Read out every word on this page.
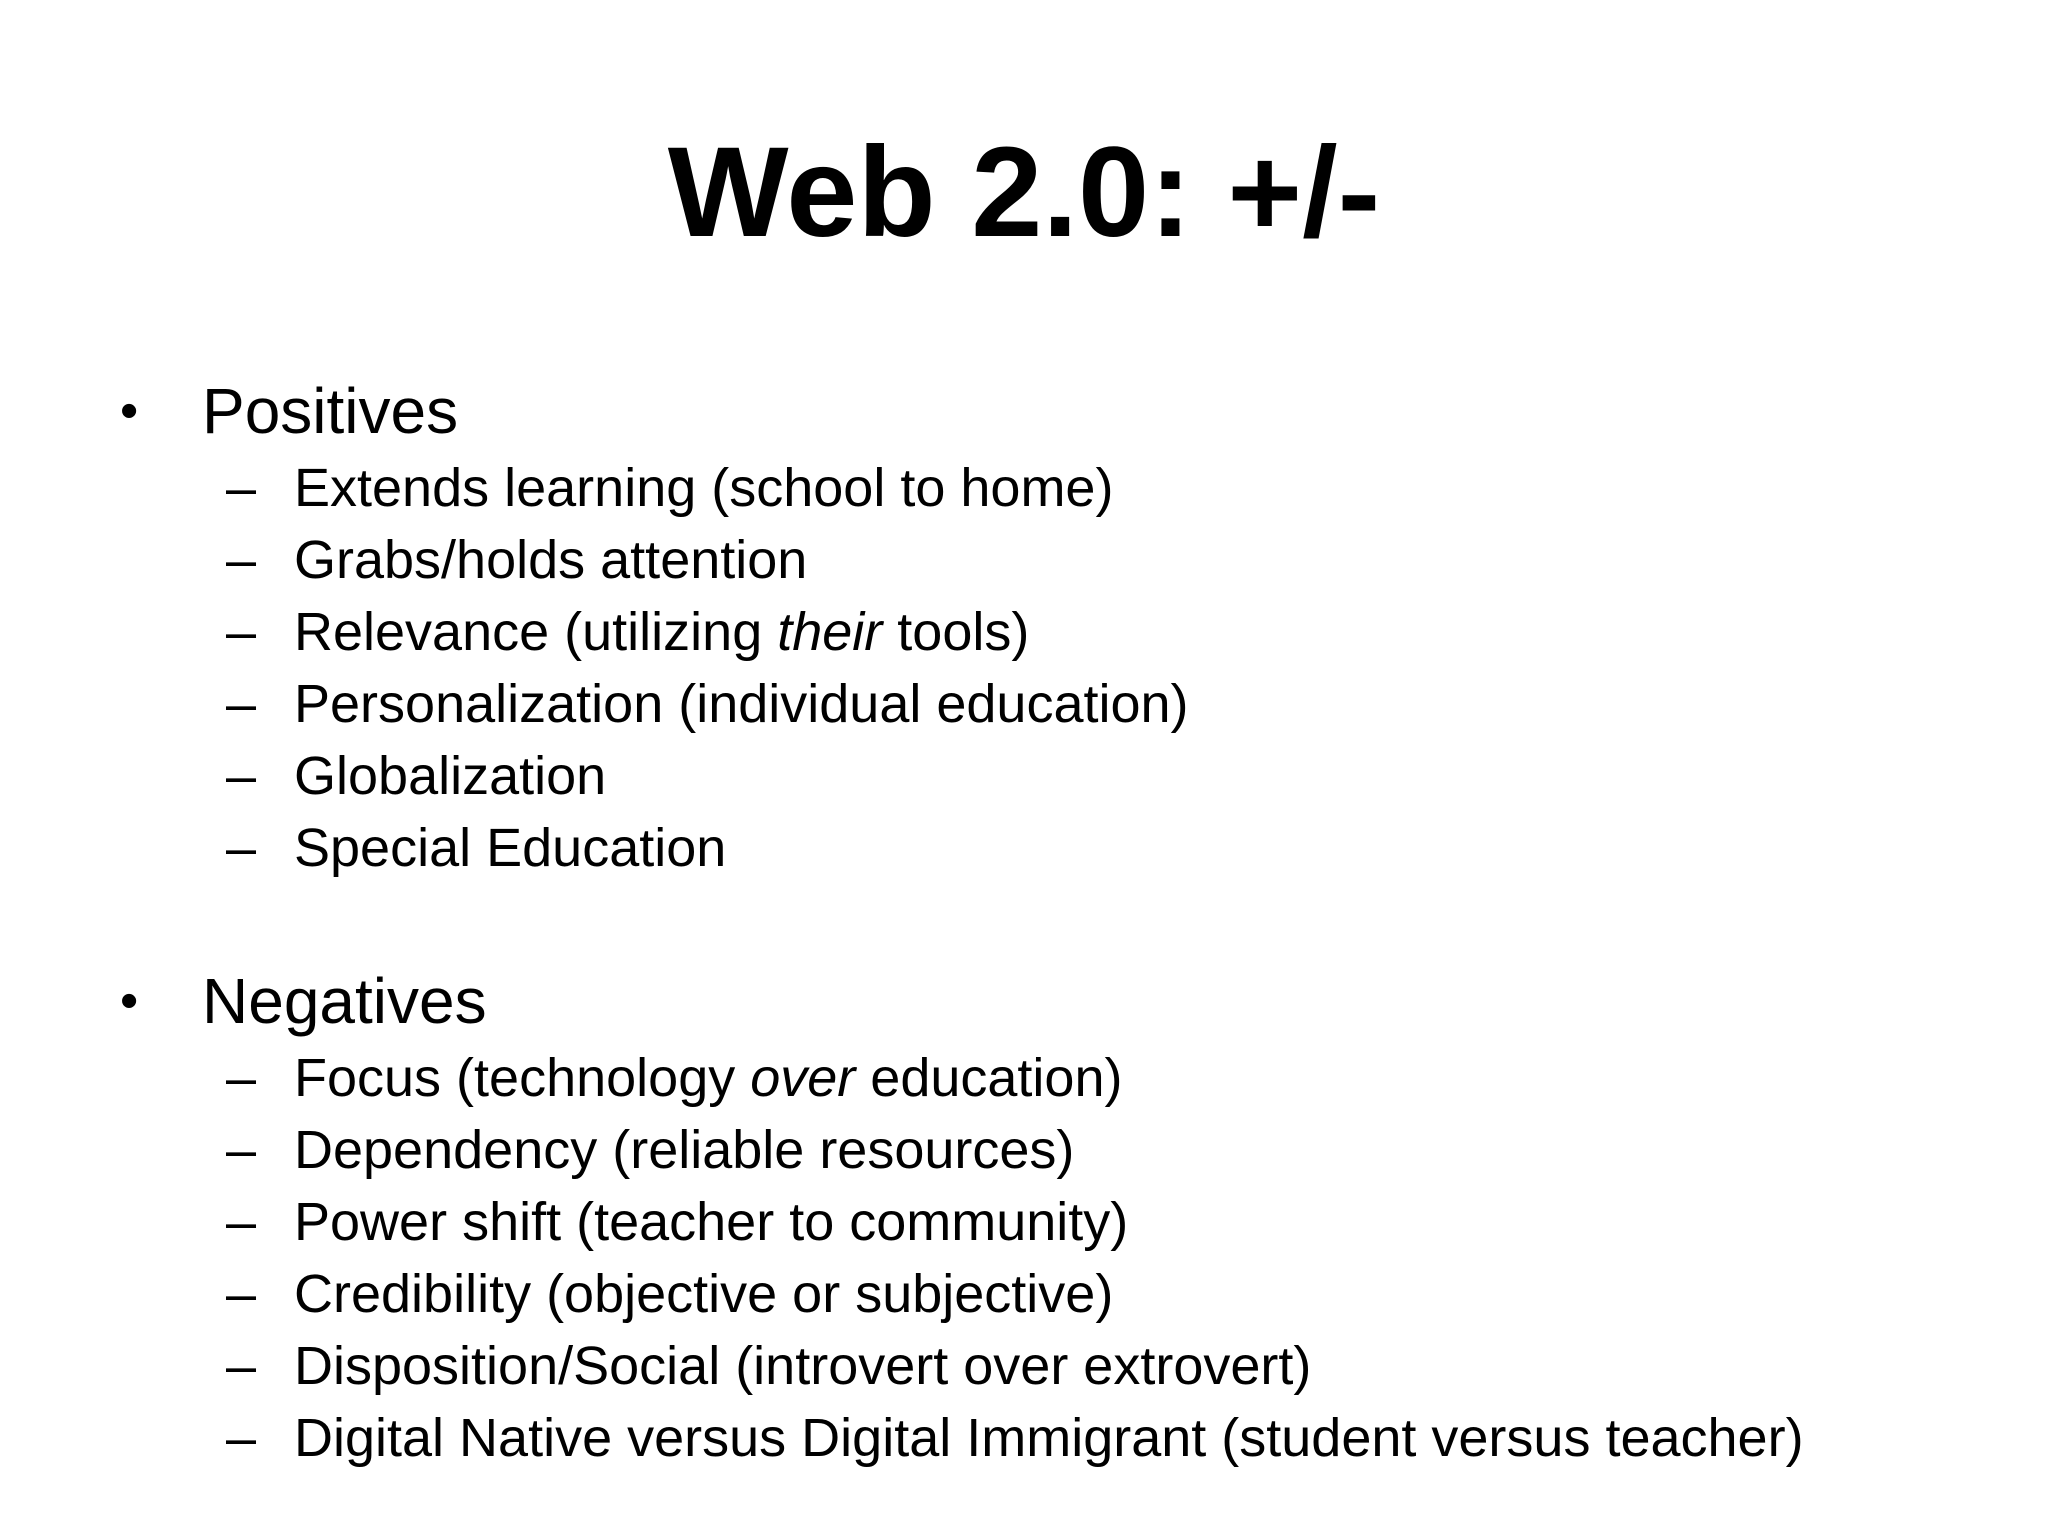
Web 2.0: +/-
• Positives
– Extends learning (school to home)
– Grabs/holds attention
– Relevance (utilizing their tools)
– Personalization (individual education)
– Globalization
– Special Education
• Negatives
– Focus (technology over education)
– Dependency (reliable resources)
– Power shift (teacher to community)
– Credibility (objective or subjective)
– Disposition/Social (introvert over extrovert)
– Digital Native versus Digital Immigrant (student versus teacher)
